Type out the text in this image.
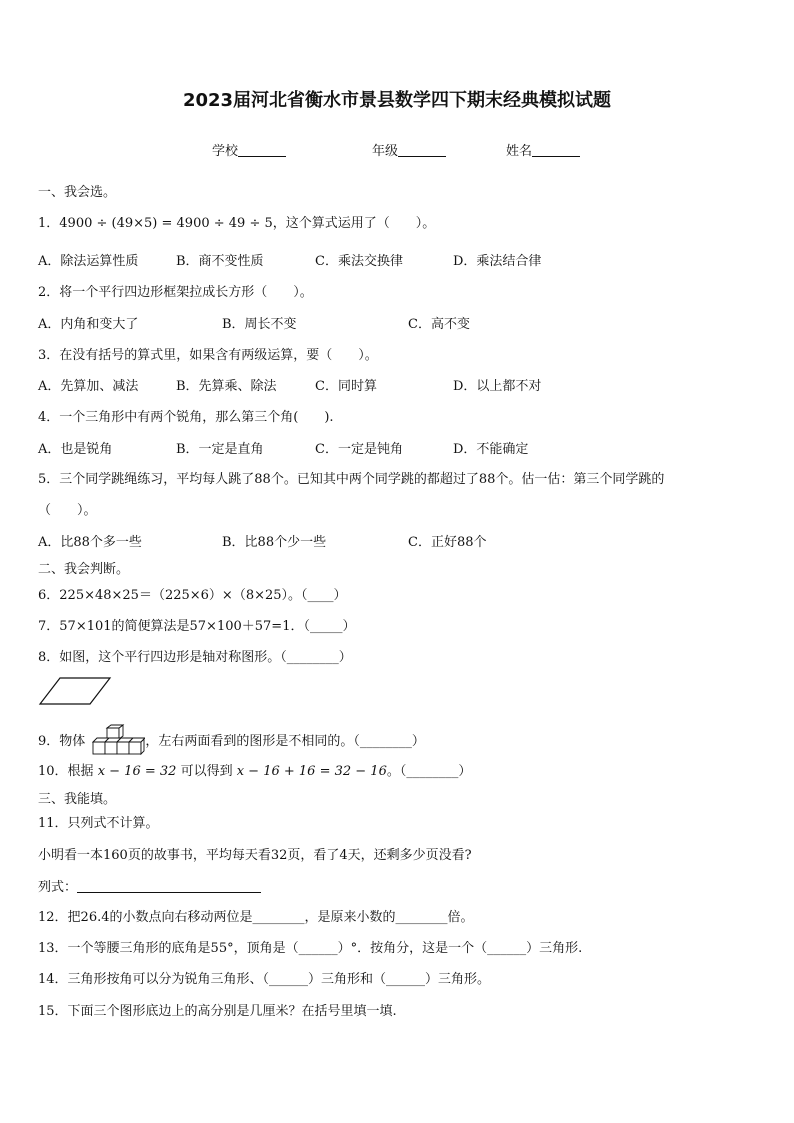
2023届河北省衡水市景县数学四下期末经典模拟试题
学校	年级	姓名
一、我会选。
1．4900 ÷ (49×5) = 4900 ÷ 49 ÷ 5，这个算式运用了（　　）。
A．除法运算性质	B．商不变性质	C．乘法交换律	D．乘法结合律
2．将一个平行四边形框架拉成长方形（　　）。
A．内角和变大了	B．周长不变	C．高不变
3．在没有括号的算式里，如果含有两级运算，要（　　）。
A．先算加、减法	B．先算乘、除法	C．同时算	D．以上都不对
4．一个三角形中有两个锐角，那么第三个角(　　).
A．也是锐角	B．一定是直角	C．一定是钝角	D．不能确定
5．三个同学跳绳练习，平均每人跳了88个。已知其中两个同学跳的都超过了88个。估一估：第三个同学跳的
（　　）。
A．比88个多一些	B．比88个少一些	C．正好88个
二、我会判断。
6．225×48×25＝（225×6）×（8×25）。（____）
7．57×101的简便算法是57×100＋57=1．（_____）
8．如图，这个平行四边形是轴对称图形。（________）
9．物体	，左右两面看到的图形是不相同的。（________）
10．根据 x − 16 = 32 可以得到 x − 16 + 16 = 32 − 16。（________）
三、我能填。
11．只列式不计算。
小明看一本160页的故事书，平均每天看32页，看了4天，还剩多少页没看?
列式：
12．把26.4的小数点向右移动两位是________，是原来小数的________倍。
13．一个等腰三角形的底角是55°，顶角是（______）°．按角分，这是一个（______）三角形.
14．三角形按角可以分为锐角三角形、（______）三角形和（______）三角形。
15．下面三个图形底边上的高分别是几厘米？在括号里填一填.
